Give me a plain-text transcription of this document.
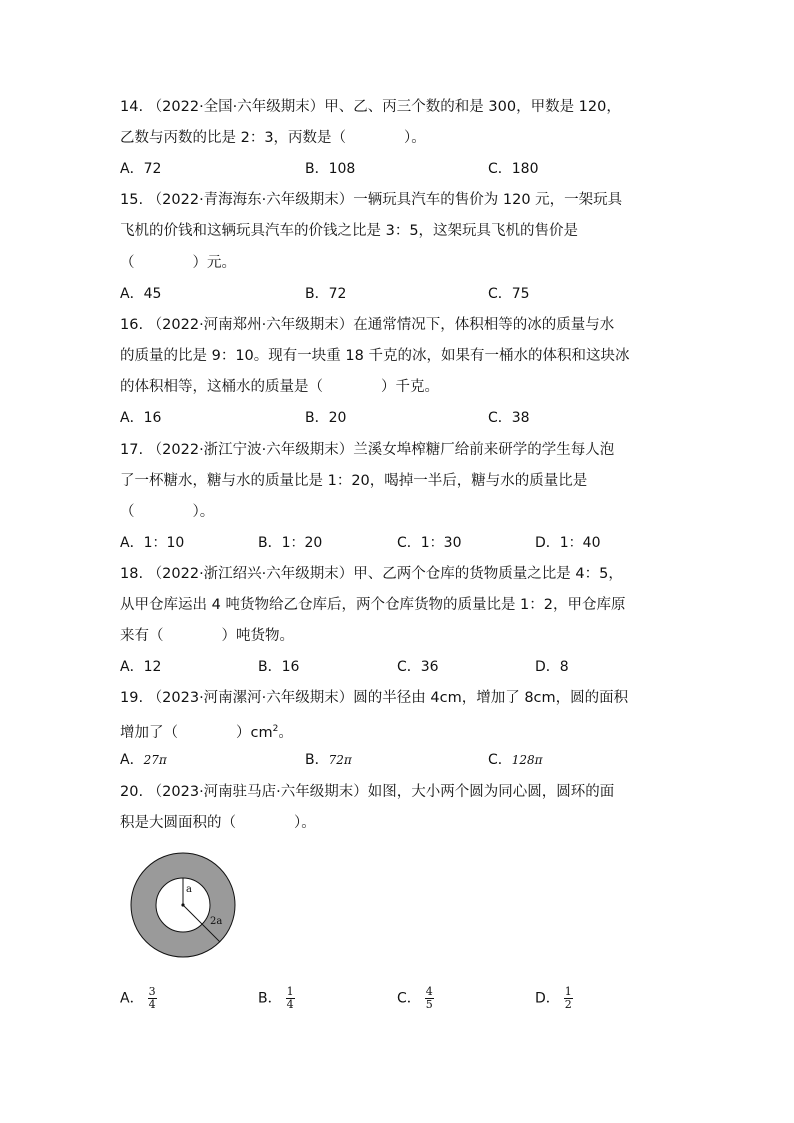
14. （2022·全国·六年级期末）甲、乙、丙三个数的和是 300，甲数是 120，
乙数与丙数的比是 2：3，丙数是（　　　　）。
A．72	B．108	C．180
15. （2022·青海海东·六年级期末）一辆玩具汽车的售价为 120 元，一架玩具
飞机的价钱和这辆玩具汽车的价钱之比是 3：5，这架玩具飞机的售价是
（　　　　）元。
A．45	B．72	C．75
16. （2022·河南郑州·六年级期末）在通常情况下，体积相等的冰的质量与水
的质量的比是 9：10。现有一块重 18 千克的冰，如果有一桶水的体积和这块冰
的体积相等，这桶水的质量是（　　　　）千克。
A．16	B．20	C．38
17. （2022·浙江宁波·六年级期末）兰溪女埠榨糖厂给前来研学的学生每人泡
了一杯糖水，糖与水的质量比是 1：20，喝掉一半后，糖与水的质量比是
（　　　　）。
A．1：10	B．1：20	C．1：30	D．1：40
18. （2022·浙江绍兴·六年级期末）甲、乙两个仓库的货物质量之比是 4：5，
从甲仓库运出 4 吨货物给乙仓库后，两个仓库货物的质量比是 1：2，甲仓库原
来有（　　　　）吨货物。
A．12	B．16	C．36	D．8
19. （2023·河南漯河·六年级期末）圆的半径由 4cm，增加了 8cm，圆的面积
增加了（　　　　）$cm^2$。
A．27π	B．72π	C．128π
20. （2023·河南驻马店·六年级期末）如图，大小两个圆为同心圆，圆环的面
积是大圆面积的（　　　　）。
a
2a
A． $\frac{3}{4}$	B． $\frac{1}{4}$	C． $\frac{4}{5}$	D． $\frac{1}{2}$
